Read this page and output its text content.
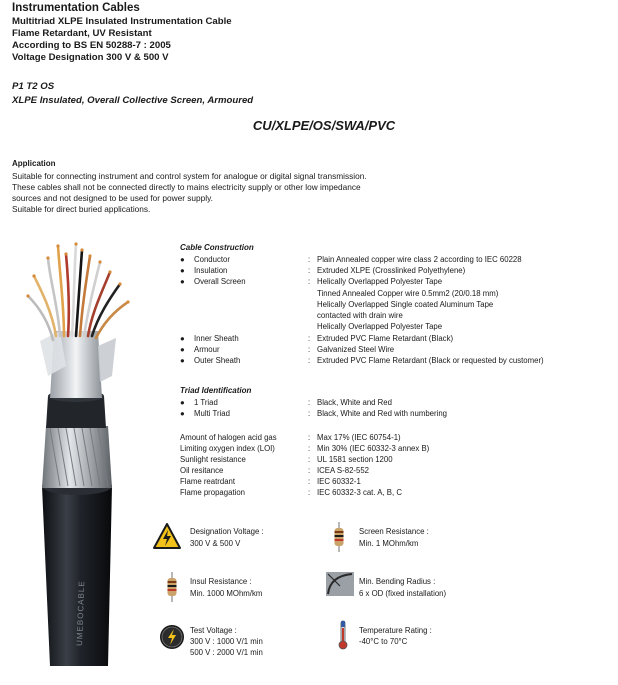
Instrumentation Cables
Multitriad XLPE Insulated Instrumentation Cable
Flame Retardant, UV Resistant
According to BS EN 50288-7 : 2005
Voltage Designation 300 V & 500 V
P1 T2 OS
XLPE Insulated, Overall Collective Screen, Armoured
CU/XLPE/OS/SWA/PVC
Application
Suitable for connecting instrument and control system for analogue or digital signal transmission.
These cables shall not be connected directly to mains electricity supply or other low impedance
sources and not designed to be used for power supply.
Suitable for direct buried applications.
UMEBOCABLE
Cable Construction
● Conductor	: Plain Annealed copper wire class 2 according to IEC 60228
● Insulation	: Extruded XLPE (Crosslinked Polyethylene)
● Overall Screen	: Helically Overlapped Polyester Tape
Tinned Annealed Copper wire 0.5mm2 (20/0.18 mm)
Helically Overlapped Single coated Aluminum Tape
contacted with drain wire
Helically Overlapped Polyester Tape
● Inner Sheath	: Extruded PVC Flame Retardant (Black)
● Armour	: Galvanized Steel Wire
● Outer Sheath	: Extruded PVC Flame Retardant (Black or requested by customer)
Triad Identification
● 1 Triad	: Black, White and Red
● Multi Triad	: Black, White and Red with numbering
Amount of halogen acid gas	: Max 17% (IEC 60754-1)
Limiting oxygen index (LOI)	: Min 30% (IEC 60332-3 annex B)
Sunlight resistance	: UL 1581 section 1200
Oil resitance	: ICEA S-82-552
Flame reatrdant	: IEC 60332-1
Flame propagation	: IEC 60332-3 cat. A, B, C
Designation Voltage :
300 V & 500 V
Screen Resistance :
Min. 1 MOhm/km
Insul Resistance :
Min. 1000 MOhm/km
Min. Bending Radius :
6 x OD (fixed installation)
Test Voltage :
300 V : 1000 V/1 min
500 V : 2000 V/1 min
Temperature Rating :
-40°C to 70°C
